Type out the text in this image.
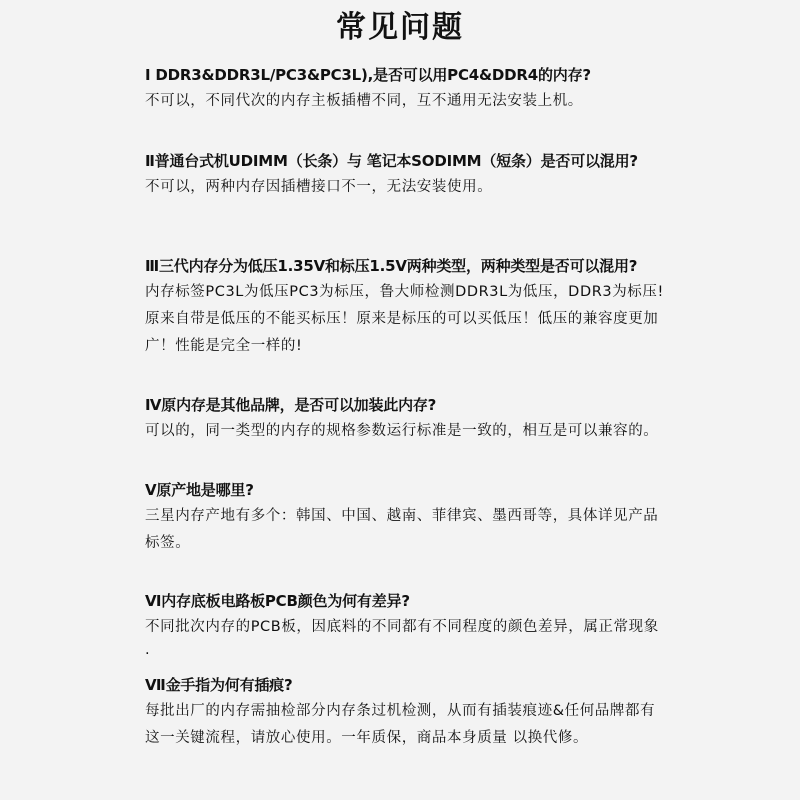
常见问题
Ⅰ DDR3&DDR3L/PC3&PC3L),是否可以用PC4&DDR4的内存?
不可以，不同代次的内存主板插槽不同，互不通用无法安装上机。
Ⅱ普通台式机UDIMM（长条）与 笔记本SODIMM（短条）是否可以混用?
不可以，两种内存因插槽接口不一，无法安装使用。
Ⅲ三代内存分为低压1.35V和标压1.5V两种类型，两种类型是否可以混用?
内存标签PC3L为低压PC3为标压，鲁大师检测DDR3L为低压，DDR3为标压!
原来自带是低压的不能买标压！原来是标压的可以买低压！低压的兼容度更加
广！性能是完全一样的!
Ⅳ原内存是其他品牌，是否可以加装此内存?
可以的，同一类型的内存的规格参数运行标准是一致的，相互是可以兼容的。
Ⅴ原产地是哪里?
三星内存产地有多个：韩国、中国、越南、菲律宾、墨西哥等，具体详见产品
标签。
Ⅵ内存底板电路板PCB颜色为何有差异?
不同批次内存的PCB板，因底料的不同都有不同程度的颜色差异，属正常现象
.
Ⅶ金手指为何有插痕?
每批出厂的内存需抽检部分内存条过机检测，从而有插装痕迹&任何品牌都有
这一关键流程，请放心使用。一年质保，商品本身质量 以换代修。
